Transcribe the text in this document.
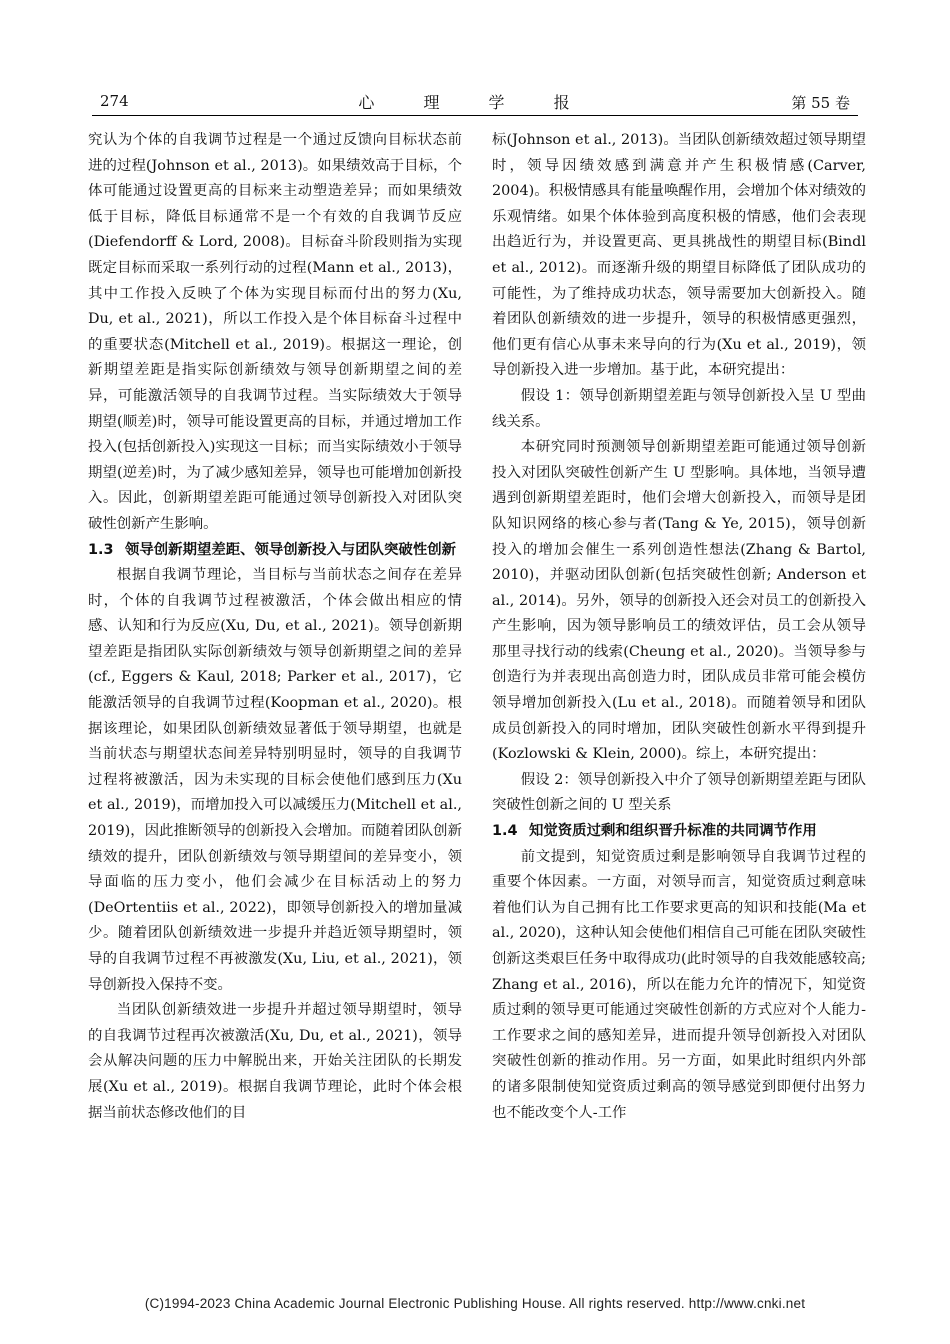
274	心 理 学 报	第 55 卷

究认为个体的自我调节过程是一个通过反馈向目标状态前进的过程(Johnson et al., 2013)。如果绩效高于目标，个体可能通过设置更高的目标来主动塑造差异；而如果绩效低于目标，降低目标通常不是一个有效的自我调节反应(Diefendorff & Lord, 2008)。目标奋斗阶段则指为实现既定目标而采取一系列行动的过程(Mann et al., 2013)，其中工作投入反映了个体为实现目标而付出的努力(Xu, Du, et al., 2021)，所以工作投入是个体目标奋斗过程中的重要状态(Mitchell et al., 2019)。根据这一理论，创新期望差距是指实际创新绩效与领导创新期望之间的差异，可能激活领导的自我调节过程。当实际绩效大于领导期望(顺差)时，领导可能设置更高的目标，并通过增加工作投入(包括创新投入)实现这一目标；而当实际绩效小于领导期望(逆差)时，为了减少感知差异，领导也可能增加创新投入。因此，创新期望差距可能通过领导创新投入对团队突破性创新产生影响。

1.3 领导创新期望差距、领导创新投入与团队突破性创新

根据自我调节理论，当目标与当前状态之间存在差异时，个体的自我调节过程被激活，个体会做出相应的情感、认知和行为反应(Xu, Du, et al., 2021)。领导创新期望差距是指团队实际创新绩效与领导创新期望之间的差异(cf., Eggers & Kaul, 2018; Parker et al., 2017)，它能激活领导的自我调节过程(Koopman et al., 2020)。根据该理论，如果团队创新绩效显著低于领导期望，也就是当前状态与期望状态间差异特别明显时，领导的自我调节过程将被激活，因为未实现的目标会使他们感到压力(Xu et al., 2019)，而增加投入可以减缓压力(Mitchell et al., 2019)，因此推断领导的创新投入会增加。而随着团队创新绩效的提升，团队创新绩效与领导期望间的差异变小，领导面临的压力变小，他们会减少在目标活动上的努力(DeOrtentiis et al., 2022)，即领导创新投入的增加量减少。随着团队创新绩效进一步提升并趋近领导期望时，领导的自我调节过程不再被激发(Xu, Liu, et al., 2021)，领导创新投入保持不变。

当团队创新绩效进一步提升并超过领导期望时，领导的自我调节过程再次被激活(Xu, Du, et al., 2021)，领导会从解决问题的压力中解脱出来，开始关注团队的长期发展(Xu et al., 2019)。根据自我调节理论，此时个体会根据当前状态修改他们的目

标(Johnson et al., 2013)。当团队创新绩效超过领导期望时，领导因绩效感到满意并产生积极情感(Carver, 2004)。积极情感具有能量唤醒作用，会增加个体对绩效的乐观情绪。如果个体体验到高度积极的情感，他们会表现出趋近行为，并设置更高、更具挑战性的期望目标(Bindl et al., 2012)。而逐渐升级的期望目标降低了团队成功的可能性，为了维持成功状态，领导需要加大创新投入。随着团队创新绩效的进一步提升，领导的积极情感更强烈，他们更有信心从事未来导向的行为(Xu et al., 2019)，领导创新投入进一步增加。基于此，本研究提出：

假设 1：领导创新期望差距与领导创新投入呈 U 型曲线关系。

本研究同时预测领导创新期望差距可能通过领导创新投入对团队突破性创新产生 U 型影响。具体地，当领导遭遇到创新期望差距时，他们会增大创新投入，而领导是团队知识网络的核心参与者(Tang & Ye, 2015)，领导创新投入的增加会催生一系列创造性想法(Zhang & Bartol, 2010)，并驱动团队创新(包括突破性创新; Anderson et al., 2014)。另外，领导的创新投入还会对员工的创新投入产生影响，因为领导影响员工的绩效评估，员工会从领导那里寻找行动的线索(Cheung et al., 2020)。当领导参与创造行为并表现出高创造力时，团队成员非常可能会模仿领导增加创新投入(Lu et al., 2018)。而随着领导和团队成员创新投入的同时增加，团队突破性创新水平得到提升(Kozlowski & Klein, 2000)。综上，本研究提出：

假设 2：领导创新投入中介了领导创新期望差距与团队突破性创新之间的 U 型关系

1.4 知觉资质过剩和组织晋升标准的共同调节作用

前文提到，知觉资质过剩是影响领导自我调节过程的重要个体因素。一方面，对领导而言，知觉资质过剩意味着他们认为自己拥有比工作要求更高的知识和技能(Ma et al., 2020)，这种认知会使他们相信自己可能在团队突破性创新这类艰巨任务中取得成功(此时领导的自我效能感较高; Zhang et al., 2016)，所以在能力允许的情况下，知觉资质过剩的领导更可能通过突破性创新的方式应对个人能力-工作要求之间的感知差异，进而提升领导创新投入对团队突破性创新的推动作用。另一方面，如果此时组织内外部的诸多限制使知觉资质过剩高的领导感觉到即便付出努力也不能改变个人-工作

(C)1994-2023 China Academic Journal Electronic Publishing House. All rights reserved. http://www.cnki.net
